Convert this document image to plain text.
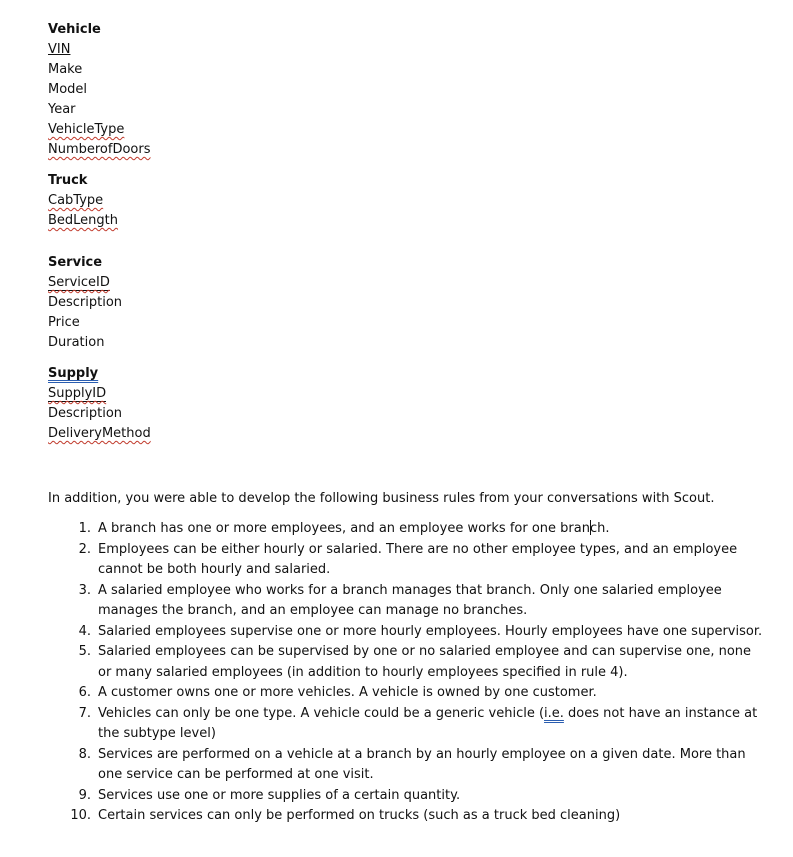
Vehicle
VIN
Make
Model
Year
VehicleType
NumberofDoors
Truck
CabType
BedLength
Service
ServiceID
Description
Price
Duration
Supply
SupplyID
Description
DeliveryMethod

In addition, you were able to develop the following business rules from your conversations with Scout.

1. A branch has one or more employees, and an employee works for one branch.
2. Employees can be either hourly or salaried. There are no other employee types, and an employee cannot be both hourly and salaried.
3. A salaried employee who works for a branch manages that branch. Only one salaried employee manages the branch, and an employee can manage no branches.
4. Salaried employees supervise one or more hourly employees. Hourly employees have one supervisor.
5. Salaried employees can be supervised by one or no salaried employee and can supervise one, none or many salaried employees (in addition to hourly employees specified in rule 4).
6. A customer owns one or more vehicles. A vehicle is owned by one customer.
7. Vehicles can only be one type. A vehicle could be a generic vehicle (i.e. does not have an instance at the subtype level)
8. Services are performed on a vehicle at a branch by an hourly employee on a given date. More than one service can be performed at one visit.
9. Services use one or more supplies of a certain quantity.
10. Certain services can only be performed on trucks (such as a truck bed cleaning)
